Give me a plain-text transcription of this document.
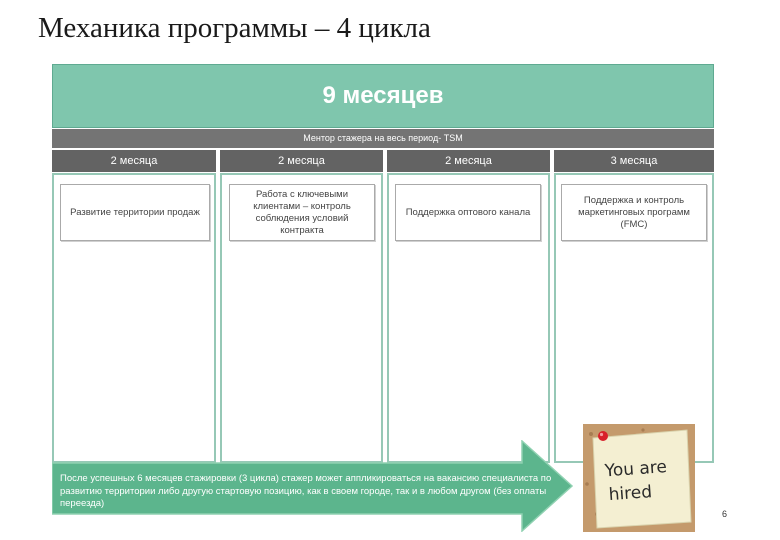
Механика программы – 4 цикла
9 месяцев
Ментор стажера на весь период- TSM
2 месяца
Развитие территории продаж
2 месяца
Работа с ключевыми клиентами – контроль соблюдения условий контракта
2 месяца
Поддержка оптового канала
3 месяца
Поддержка и контроль маркетинговых программ (FMC)
После успешных 6 месяцев стажировки (3 цикла) стажер может аппликироваться на вакансию специалиста по развитию территории либо другую стартовую позицию, как в своем городе, так и в любом другом (без оплаты переезда)
You are
hired
6
